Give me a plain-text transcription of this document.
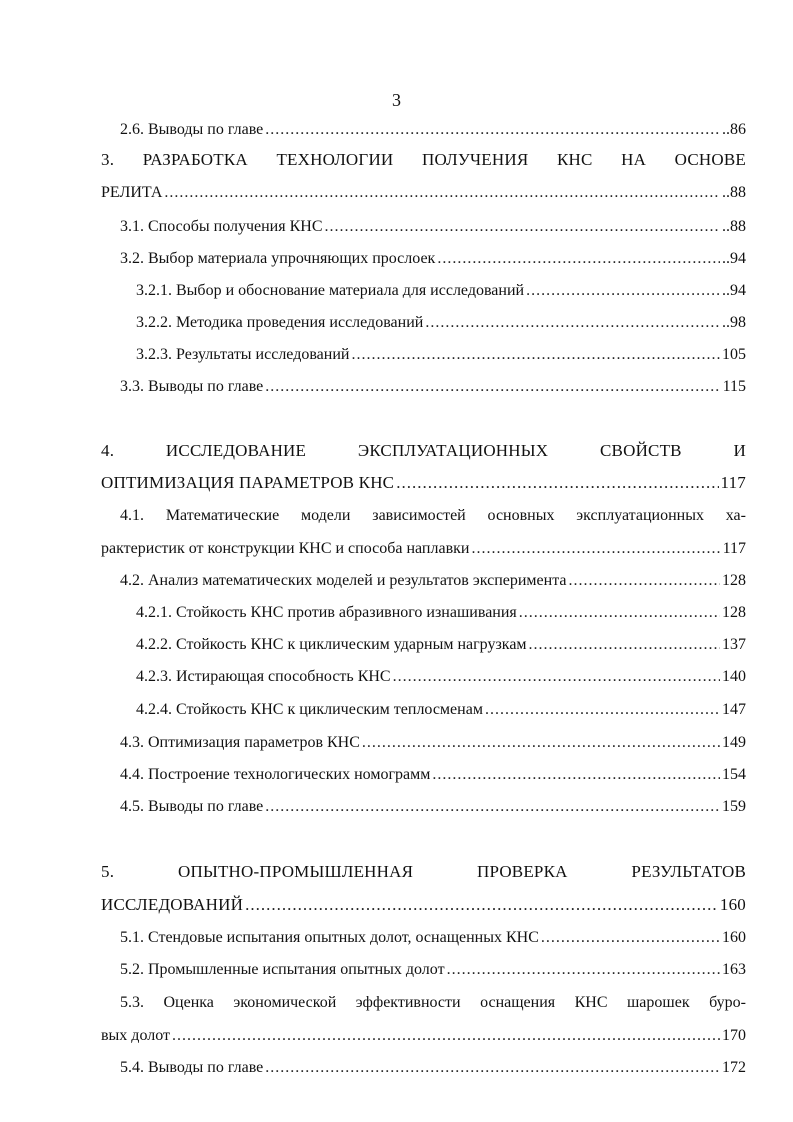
3
2.6. Выводы по главе .....	..86
3. РАЗРАБОТКА ТЕХНОЛОГИИ ПОЛУЧЕНИЯ КНС НА ОСНОВЕ
РЕЛИТА .....	..88
3.1. Способы получения КНС .....	..88
3.2. Выбор материала упрочняющих прослоек .....	..94
3.2.1. Выбор и обоснование материала для исследований .....	..94
3.2.2. Методика проведения исследований .....	..98
3.2.3. Результаты исследований .....	105
3.3. Выводы по главе .....	115
4.	ИССЛЕДОВАНИЕ	ЭКСПЛУАТАЦИОННЫХ	СВОЙСТВ	И
ОПТИМИЗАЦИЯ ПАРАМЕТРОВ КНС .....	117
4.1. Математические модели зависимостей основных эксплуатационных ха-
рактеристик от конструкции КНС и способа наплавки .....	117
4.2. Анализ математических моделей и результатов эксперимента .....	128
4.2.1. Стойкость КНС против абразивного изнашивания .....	128
4.2.2. Стойкость КНС к циклическим ударным нагрузкам .....	137
4.2.3. Истирающая способность КНС .....	140
4.2.4. Стойкость КНС к циклическим теплосменам .....	147
4.3. Оптимизация параметров КНС .....	149
4.4. Построение технологических номограмм .....	154
4.5. Выводы по главе .....	159
5.	ОПЫТНО-ПРОМЫШЛЕННАЯ	ПРОВЕРКА	РЕЗУЛЬТАТОВ
ИССЛЕДОВАНИЙ .....	160
5.1. Стендовые испытания опытных долот, оснащенных КНС .....	160
5.2. Промышленные испытания опытных долот .....	163
5.3. Оценка экономической эффективности оснащения КНС шарошек буро-
вых долот .....	170
5.4. Выводы по главе .....	172
